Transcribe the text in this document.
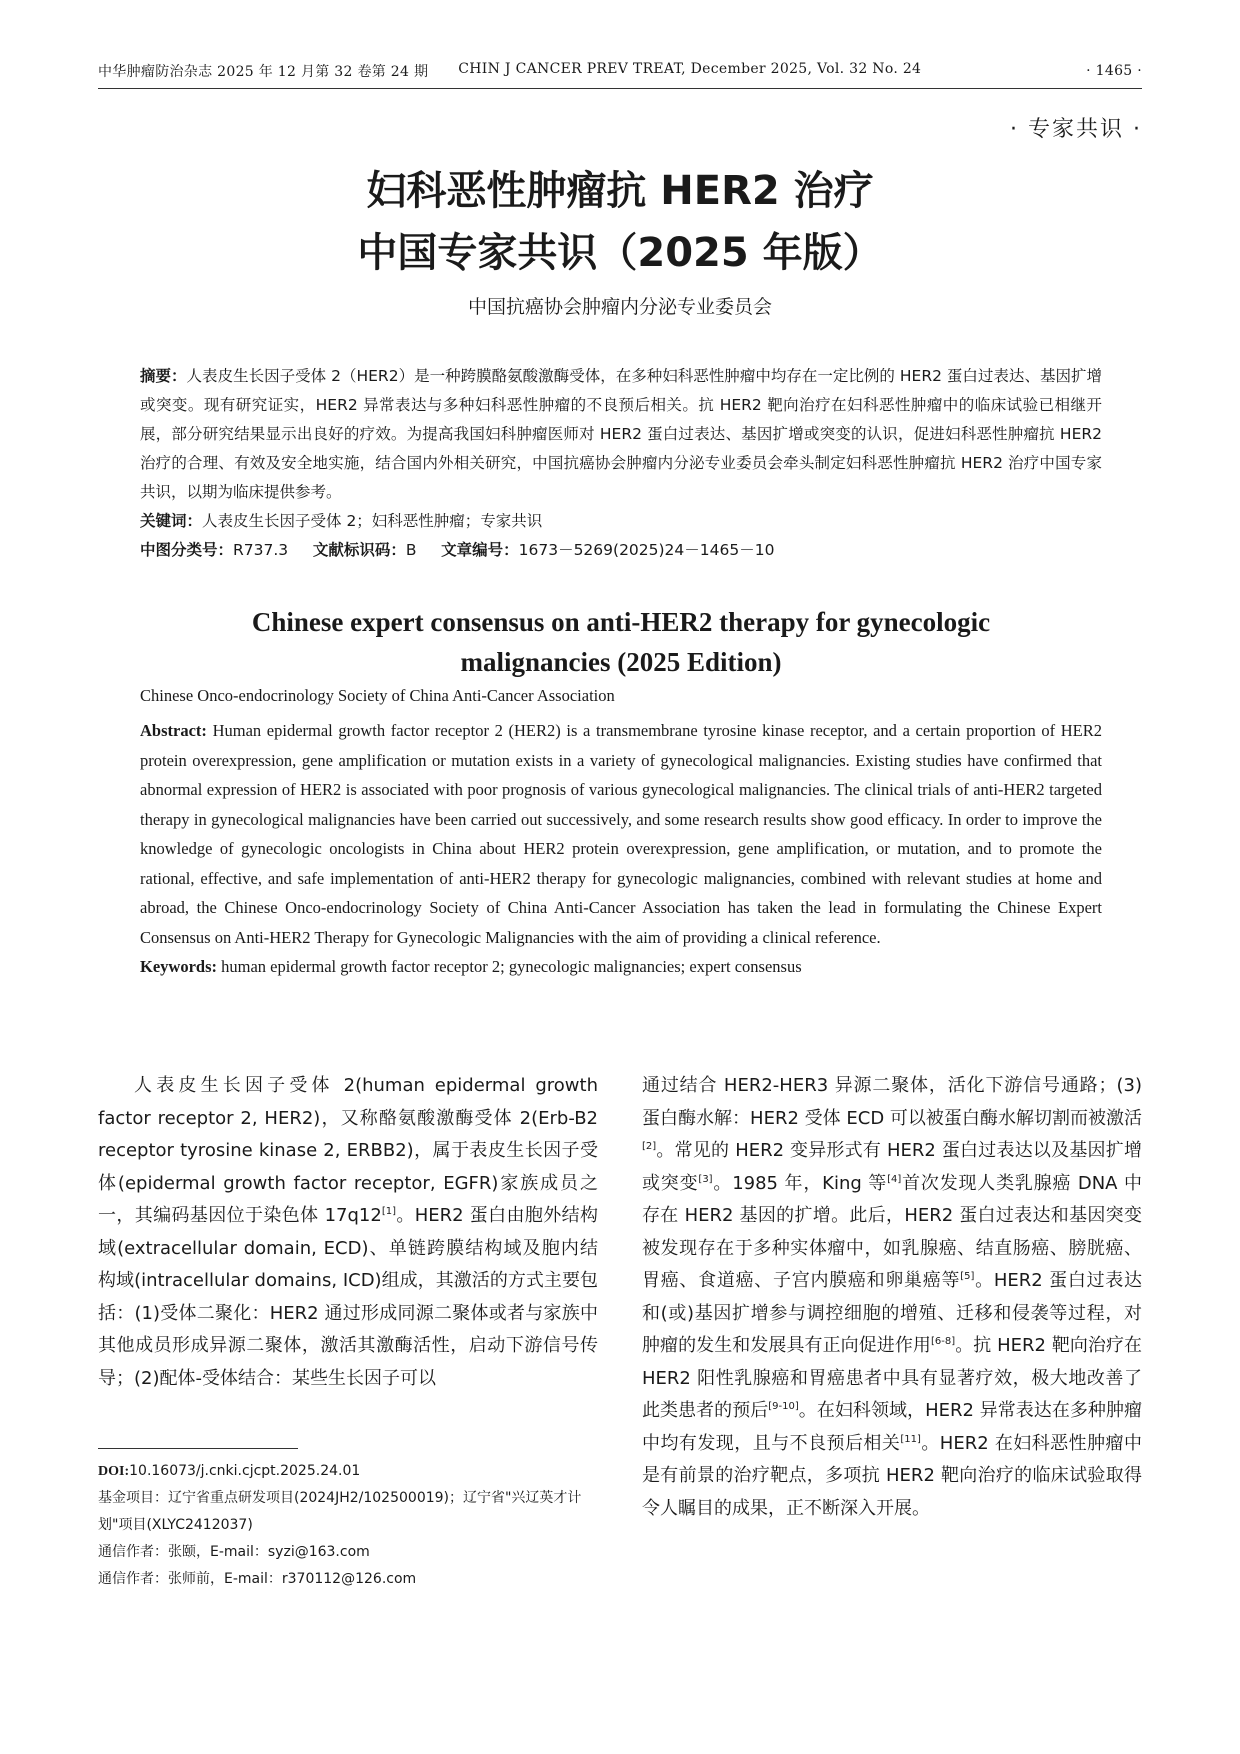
中华肿瘤防治杂志 2025 年 12 月第 32 卷第 24 期 CHIN J CANCER PREV TREAT, December 2025, Vol. 32 No. 24	· 1465 ·
· 专家共识 ·
妇科恶性肿瘤抗 HER2 治疗
中国专家共识（2025 年版）
中国抗癌协会肿瘤内分泌专业委员会

摘要：人表皮生长因子受体 2（HER2）是一种跨膜酪氨酸激酶受体，在多种妇科恶性肿瘤中均存在一定比例的 HER2 蛋白过表达、基因扩增或突变。现有研究证实，HER2 异常表达与多种妇科恶性肿瘤的不良预后相关。抗 HER2 靶向治疗在妇科恶性肿瘤中的临床试验已相继开展，部分研究结果显示出良好的疗效。为提高我国妇科肿瘤医师对 HER2 蛋白过表达、基因扩增或突变的认识，促进妇科恶性肿瘤抗 HER2 治疗的合理、有效及安全地实施，结合国内外相关研究，中国抗癌协会肿瘤内分泌专业委员会牵头制定妇科恶性肿瘤抗 HER2 治疗中国专家共识，以期为临床提供参考。

关键词：人表皮生长因子受体 2；妇科恶性肿瘤；专家共识

中图分类号：R737.3 文献标识码：B 文章编号：1673－5269(2025)24－1465－10

Chinese expert consensus on anti-HER2 therapy for gynecologic
malignancies (2025 Edition)
Chinese Onco-endocrinology Society of China Anti-Cancer Association

Abstract: Human epidermal growth factor receptor 2 (HER2) is a transmembrane tyrosine kinase receptor, and a certain proportion of HER2 protein overexpression, gene amplification or mutation exists in a variety of gynecological malignancies. Existing studies have confirmed that abnormal expression of HER2 is associated with poor prognosis of various gynecological malignancies. The clinical trials of anti-HER2 targeted therapy in gynecological malignancies have been carried out successively, and some research results show good efficacy. In order to improve the knowledge of gynecologic oncologists in China about HER2 protein overexpression, gene amplification, or mutation, and to promote the rational, effective, and safe implementation of anti-HER2 therapy for gynecologic malignancies, combined with relevant studies at home and abroad, the Chinese Onco-endocrinology Society of China Anti-Cancer Association has taken the lead in formulating the Chinese Expert Consensus on Anti-HER2 Therapy for Gynecologic Malignancies with the aim of providing a clinical reference.

Keywords: human epidermal growth factor receptor 2; gynecologic malignancies; expert consensus

人表皮生长因子受体 2(human epidermal growth factor receptor 2, HER2)，又称酪氨酸激酶受体 2(Erb-B2 receptor tyrosine kinase 2, ERBB2)，属于表皮生长因子受体(epidermal growth factor receptor, EGFR)家族成员之一，其编码基因位于染色体 17q12[1]。HER2 蛋白由胞外结构域(extracellular domain, ECD)、单链跨膜结构域及胞内结构域(intracellular domains, ICD)组成，其激活的方式主要包括：(1)受体二聚化：HER2 通过形成同源二聚体或者与家族中其他成员形成异源二聚体，激活其激酶活性，启动下游信号传导；(2)配体-受体结合：某些生长因子可以

通过结合 HER2-HER3 异源二聚体，活化下游信号通路；(3)蛋白酶水解：HER2 受体 ECD 可以被蛋白酶水解切割而被激活[2]。常见的 HER2 变异形式有 HER2 蛋白过表达以及基因扩增或突变[3]。1985 年，King 等[4]首次发现人类乳腺癌 DNA 中存在 HER2 基因的扩增。此后，HER2 蛋白过表达和基因突变被发现存在于多种实体瘤中，如乳腺癌、结直肠癌、膀胱癌、胃癌、食道癌、子宫内膜癌和卵巢癌等[5]。HER2 蛋白过表达和(或)基因扩增参与调控细胞的增殖、迁移和侵袭等过程，对肿瘤的发生和发展具有正向促进作用[6-8]。抗 HER2 靶向治疗在 HER2 阳性乳腺癌和胃癌患者中具有显著疗效，极大地改善了此类患者的预后[9-10]。在妇科领域，HER2 异常表达在多种肿瘤中均有发现，且与不良预后相关[11]。HER2 在妇科恶性肿瘤中是有前景的治疗靶点，多项抗 HER2 靶向治疗的临床试验取得令人瞩目的成果，正不断深入开展。

DOI:10.16073/j.cnki.cjcpt.2025.24.01

基金项目：辽宁省重点研发项目(2024JH2/102500019)；辽宁省"兴辽英才计划"项目(XLYC2412037)

通信作者：张颐，E-mail：syzi@163.com

通信作者：张师前，E-mail：r370112@126.com
